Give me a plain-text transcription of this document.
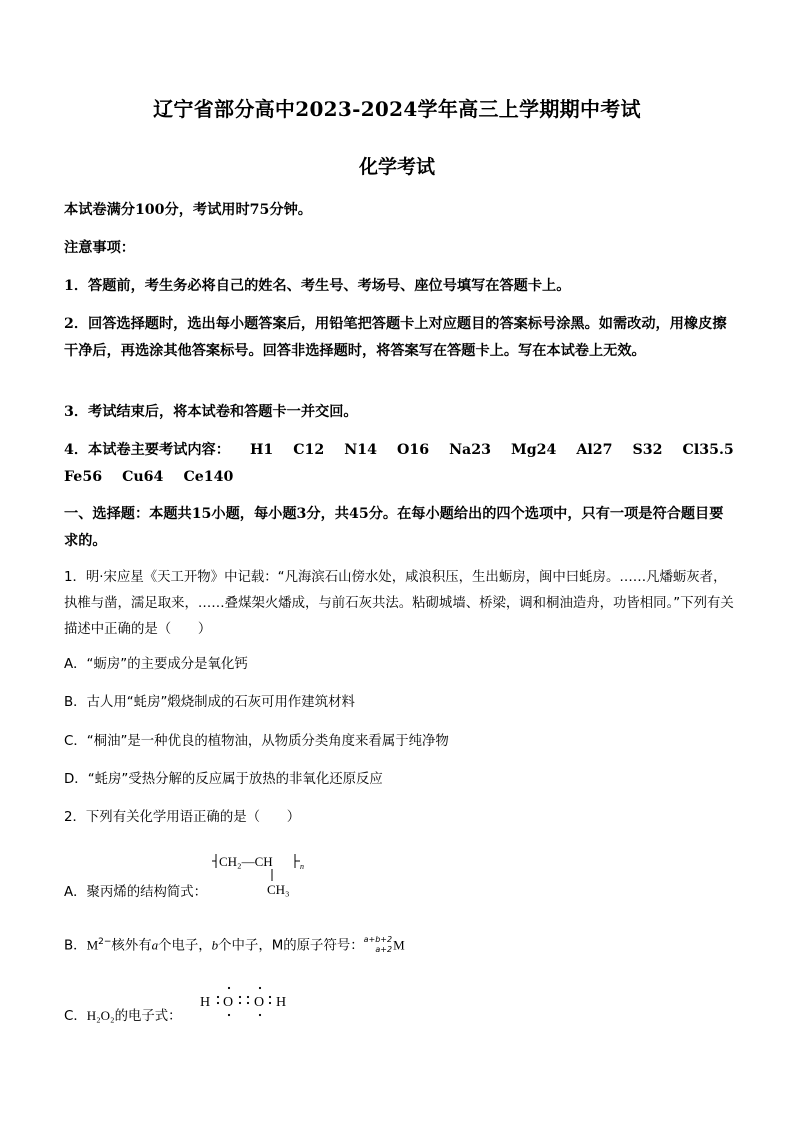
辽宁省部分高中2023-2024学年高三上学期期中考试
化学考试
本试卷满分100分，考试用时75分钟。
注意事项：
1．答题前，考生务必将自己的姓名、考生号、考场号、座位号填写在答题卡上。
2．回答选择题时，选出每小题答案后，用铅笔把答题卡上对应题目的答案标号涂黑。如需改动，用橡皮擦干净后，再选涂其他答案标号。回答非选择题时，将答案写在答题卡上。写在本试卷上无效。
3．考试结束后，将本试卷和答题卡一并交回。
4．本试卷主要考试内容： H1 C12 N14 O16 Na23 Mg24 Al27 S32 Cl35.5
Fe56 Cu64 Ce140
一、选择题：本题共15小题，每小题3分，共45分。在每小题给出的四个选项中，只有一项是符合题目要求的。
1．明·宋应星《天工开物》中记载：“凡海滨石山傍水处，咸浪积压，生出蛎房，闽中曰蚝房。……凡燔蛎灰者，执椎与凿，濡足取来，……叠煤架火燔成，与前石灰共法。粘砌城墙、桥梁，调和桐油造舟，功皆相同。”下列有关描述中正确的是（　　）
A．“蛎房”的主要成分是氧化钙
B．古人用“蚝房”煅烧制成的石灰可用作建筑材料
C．“桐油”是一种优良的植物油，从物质分类角度来看属于纯净物
D．“蚝房”受热分解的反应属于放热的非氧化还原反应
2．下列有关化学用语正确的是（　　）
CH₂—CH	n
CH₃
A．聚丙烯的结构简式：
B．$M^{2-}$核外有a个电子，b个中子，M的原子符号： a+b+2
a+2 M
H O O H
C．H₂O₂的电子式：
